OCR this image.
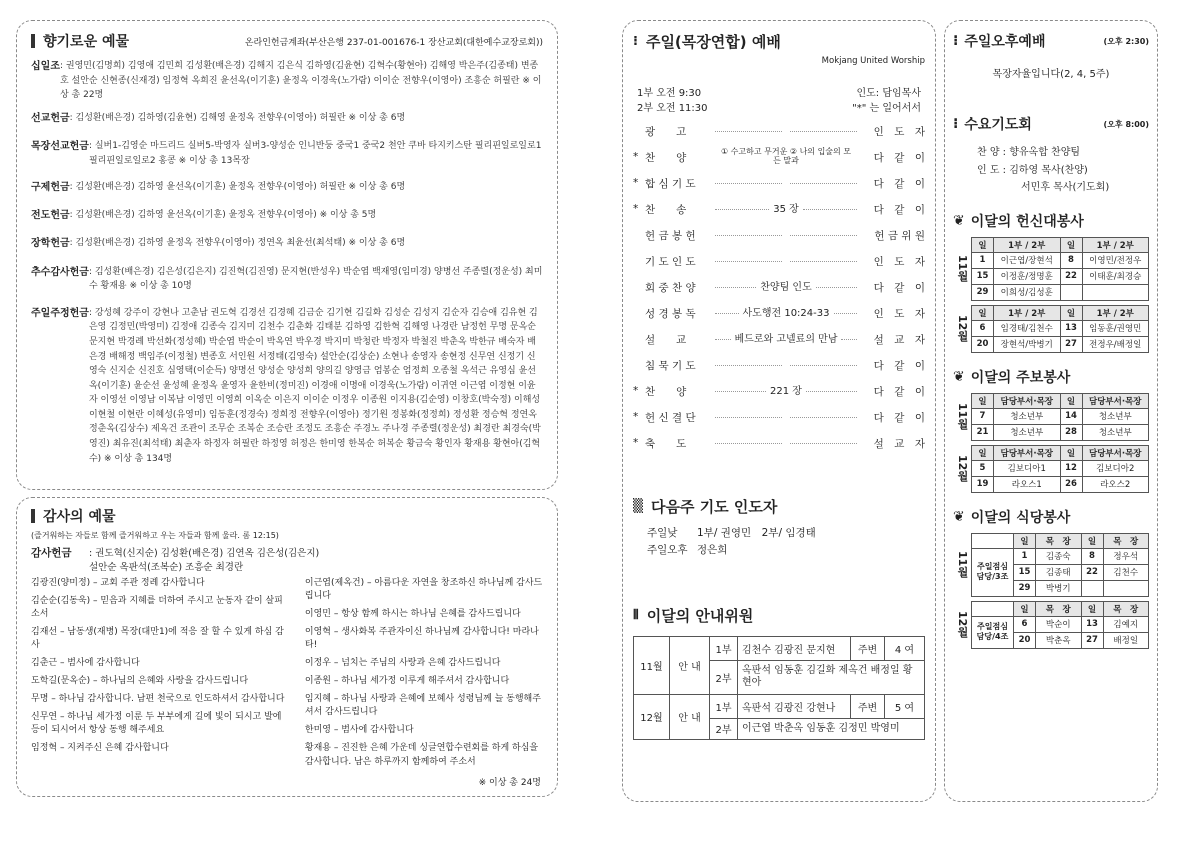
향기로운 예물	온라인헌금계좌(부산은행 237-01-001676-1 장산교회(대한예수교장로회))
십일조 : 권영민(김명희) 김영애 김민희 김성환(배은경) 김해지 김은식 김하영(김윤현) 김혁수(황현아) 김해영 박은주(김종태) 변종호 설안순 신현종(신재경) 임정혁 옥희진 윤선옥(이기훈) 윤정옥 이경욱(노가람) 이이순 전향우(이영아) 조흥순 허필란 ※ 이상 총 22명
선교헌금 : 김성환(배은경) 김하영(김윤현) 김해영 윤정옥 전향우(이영아) 허필란 ※ 이상 총 6명
목장선교헌금 : 실버1-김영순 마드리드 실버5-박영자 실버3-양성순 인니반둥 중국1 중국2 천안 쿠바 타지키스탄 필리핀일로일로1 필리핀일로일로2 홍콩 ※ 이상 총 13목장
구제헌금 : 김성환(배은경) 김하영 윤선옥(이기훈) 윤정옥 전향우(이영아) 허필란 ※ 이상 총 6명
전도헌금 : 김성환(배은경) 김하영 윤선옥(이기훈) 윤정옥 전향우(이영아) ※ 이상 총 5명
장학헌금 : 김성환(배은경) 김하영 윤정옥 전향우(이영아) 정연옥 최윤선(최석태) ※ 이상 총 6명
추수감사헌금 : 김성환(배은경) 김은성(김은지) 김진혁(김진영) 문지현(반성우) 박순엽 백재영(임미경) 양병선 주종렬(정운성) 최미수 황재용 ※ 이상 총 10명
주일주정헌금 : 강성혜 강주이 강현나 고춘남 권도혁 김경선 김경혜 김금순 김기현 김길화 김성순 김성지 김순자 김승애 김유현 김은영 김정민(박영미) 김정애 김종숙 김지미 김천수 김춘화 김태분 김하영 김한혁 김해영 나경란 남정헌 무명 문옥순 문지현 박경례 박선화(정성혜) 박순엽 박순이 박옥연 박우경 박지미 박청란 박정자 박철진 박춘옥 박한규 배숙자 배은경 배해정 백임주(이정철) 변종호 서인원 서정태(김영숙) 설안순(김상순) 소현나 송영자 송현정 신무연 신정기 신영숙 신지순 신진호 심영택(이순득) 양명선 양성순 양성희 양의길 양영금 엄봉순 엄정희 오종철 옥석근 유영심 윤선옥(이기훈) 윤순선 윤성혜 윤정옥 윤영자 윤한비(정미진) 이경애 이명애 이경욱(노가람) 이귀연 이근엽 이정현 이윤자 이영선 이영남 이복남 이영민 이영희 이옥순 이은지 이이순 이정우 이종원 이지용(김순영) 이창호(박숙정) 이해성 이현철 이현란 이혜성(유영미) 임동훈(정경숙) 정희정 전향우(이영아) 정기원 정봉화(정정희) 정성환 정승혁 정연옥 정춘옥(김상수) 제옥건 조관이 조무순 조복순 조승란 조정도 조흥순 주경노 주나경 주종렬(정운성) 최경란 최경숙(박영진) 최유진(최석태) 최춘자 하정자 허필란 하정영 허정은 한미영 한복순 허복순 황금숙 황인자 황재용 황현아(김혁수) ※ 이상 총 134명
감사의 예물
(즐거워하는 자들로 함께 즐거워하고 우는 자들과 함께 울라. 롬 12:15)
감사헌금	: 권도혁(신지순) 김성환(배은경) 김연옥 김은성(김은지)
설안순 옥판석(조복순) 조흥순 최경란
김광진(양미정) – 교회 주관 정례 감사합니다
김순순(김동욱) – 믿음과 지혜를 더하여 주시고 눈동자 같이 살피소서
김재선 – 남동생(재병) 목장(대만1)에 적응 잘 할 수 있게 하심 감사
김춘근 – 범사에 감사합니다
도학길(문옥순) – 하나님의 은혜와 사랑을 감사드립니다
무명 – 하나님 감사합니다. 남편 천국으로 인도하셔서 감사합니다
신무연 – 하나님 세가정 이룬 두 부부에게 길에 빛이 되시고 발에 등이 되시어서 항상 동행 해주세요
임정혁 – 지켜주신 은혜 감사합니다
이근엽(제옥건) – 아름다운 자연을 창조하신 하나님께 감사드립니다
이영민 – 항상 함께 하시는 하나님 은혜를 감사드립니다
이영혁 – 생사화복 주관자이신 하나님께 감사합니다! 마라나타!
이정우 – 넘치는 주님의 사랑과 은혜 감사드립니다
이종원 – 하나님 세가정 이루게 해주셔서 감사합니다
임지혜 – 하나님 사랑과 은혜에 보혜사 성령님께 늘 동행해주셔서 감사드립니다
한미영 – 범사에 감사합니다
황재용 – 진진한 은혜 가운데 싱글연합수련회를 하게 하심을 감사합니다. 남은 하루까지 함께하여 주소서
※ 이상 총 24명
⁝ 주일(목장연합) 예배
Mokjang United Worship
1부 오전 9:30
2부 오전 11:30
인도: 담임목사
"*" 는 일어서서
광　　고	인　도　자
* 찬　　양	① 수고하고 무거운 ② 나의 입술의 모든 말과	다　같　이
* 합 심 기 도	다　같　이
* 찬　　송	35 장	다　같　이
헌 금 봉 헌	헌 금 위 원
기 도 인 도	인　도　자
회 중 찬 양	찬양팀 인도	다　같　이
성 경 봉 독	사도행전 10:24-33	인　도　자
설　　교	베드로와 고넬료의 만남	설　교　자
침 묵 기 도	다　같　이
* 찬　　양	221 장	다　같　이
* 헌 신 결 단	다　같　이
* 축　　도	설　교　자
▒ 다음주 기도 인도자
주일낮 1부/ 권영민　2부/ 임경태
주일오후 정은희
⦀ 이달의 안내위원
11월	안 내	1부	김천수 김광진 문지현	주변	4 여
		2부	옥판석 임동훈 김길화 제옥건 배정일 황현아		
12월	안 내	1부	옥판석 김광진 강현나	주변	5 여
		2부	이근엽 박춘옥 임동훈 김정민 박영미		
⁝ 주일오후예배	(오후 2:30)
목장자율입니다(2, 4, 5주)
⁝ 수요기도회	(오후 8:00)
찬 양 : 향유옥합 찬양팀
인 도 : 김하영 목사(찬양)
서민후 목사(기도회)
❦ 이달의 헌신대봉사
11월
일	1부 / 2부	일	1부 / 2부
1	이근엽/장현석	8	이영민/전정우
15	이정훈/정명훈	22	이태훈/최경승
29	이희성/김성훈		
12월
일	1부 / 2부	일	1부 / 2부
6	임경태/김천수	13	임동훈/권영민
20	장현석/박병기	27	전정우/배정일
❦ 이달의 주보봉사
11월
일	담당부서·목장	일	담당부서·목장
7	청소년부	14	청소년부
21	청소년부	28	청소년부
12월
일	담당부서·목장	일	담당부서·목장
5	김보디아1	12	김보디아2
19	라오스1	26	라오스2
❦ 이달의 식당봉사
11월
	일	목　장	일	목　장
주일점심 담당/3조	1	김종숙	8	정우석
	15	김종태	22	김천수
	29	박병기		
12월
	일	목　장	일	목　장
주일점심 담당/4조	6	박순이	13	김예지
	20	박춘옥	27	배정일
